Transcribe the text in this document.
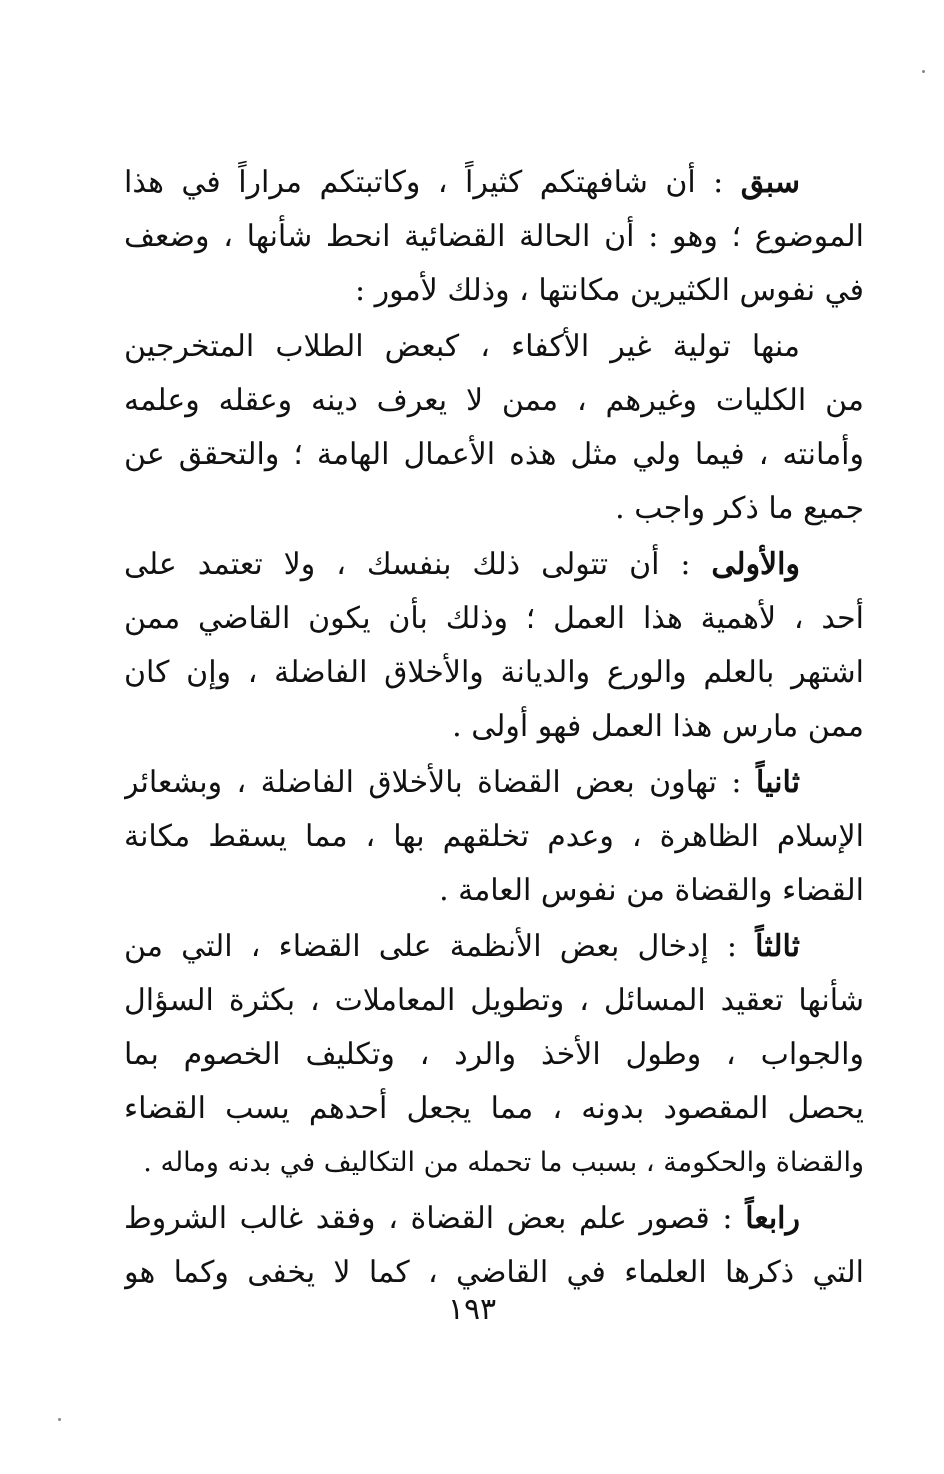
سبق : أن شافهتكم كثيراً ، وكاتبتكم مراراً في هذا
الموضوع ؛ وهو : أن الحالة القضائية انحط شأنها ، وضعف
في نفوس الكثيرين مكانتها ، وذلك لأمور :
منها تولية غير الأكفاء ، كبعض الطلاب المتخرجين
من الكليات وغيرهم ، ممن لا يعرف دينه وعقله وعلمه
وأمانته ، فيما ولي مثل هذه الأعمال الهامة ؛ والتحقق عن
جميع ما ذكر واجب .
والأولى : أن تتولى ذلك بنفسك ، ولا تعتمد على
أحد ، لأهمية هذا العمل ؛ وذلك بأن يكون القاضي ممن
اشتهر بالعلم والورع والديانة والأخلاق الفاضلة ، وإن كان
ممن مارس هذا العمل فهو أولى .
ثانياً : تهاون بعض القضاة بالأخلاق الفاضلة ، وبشعائر
الإسلام الظاهرة ، وعدم تخلقهم بها ، مما يسقط مكانة
القضاء والقضاة من نفوس العامة .
ثالثاً : إدخال بعض الأنظمة على القضاء ، التي من
شأنها تعقيد المسائل ، وتطويل المعاملات ، بكثرة السؤال
والجواب ، وطول الأخذ والرد ، وتكليف الخصوم بما
يحصل المقصود بدونه ، مما يجعل أحدهم يسب القضاء
والقضاة والحكومة ، بسبب ما تحمله من التكاليف في بدنه وماله .
رابعاً : قصور علم بعض القضاة ، وفقد غالب الشروط
التي ذكرها العلماء في القاضي ، كما لا يخفى وكما هو
١٩٣
